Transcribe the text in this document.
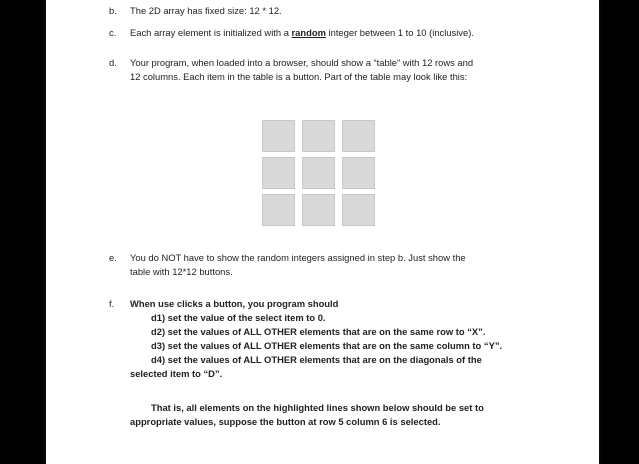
b. The 2D array has fixed size: 12 * 12.
c. Each array element is initialized with a random integer between 1 to 10 (inclusive).
d. Your program, when loaded into a browser, should show a “table” with 12 rows and
12 columns. Each item in the table is a button. Part of the table may look like this:
e. You do NOT have to show the random integers assigned in step b. Just show the
table with 12*12 buttons.
f. When use clicks a button, you program should
d1) set the value of the select item to 0.
d2) set the values of ALL OTHER elements that are on the same row to “X”.
d3) set the values of ALL OTHER elements that are on the same column to “Y”.
d4) set the values of ALL OTHER elements that are on the diagonals of the
selected item to “D”.
That is, all elements on the highlighted lines shown below should be set to
appropriate values, suppose the button at row 5 column 6 is selected.
